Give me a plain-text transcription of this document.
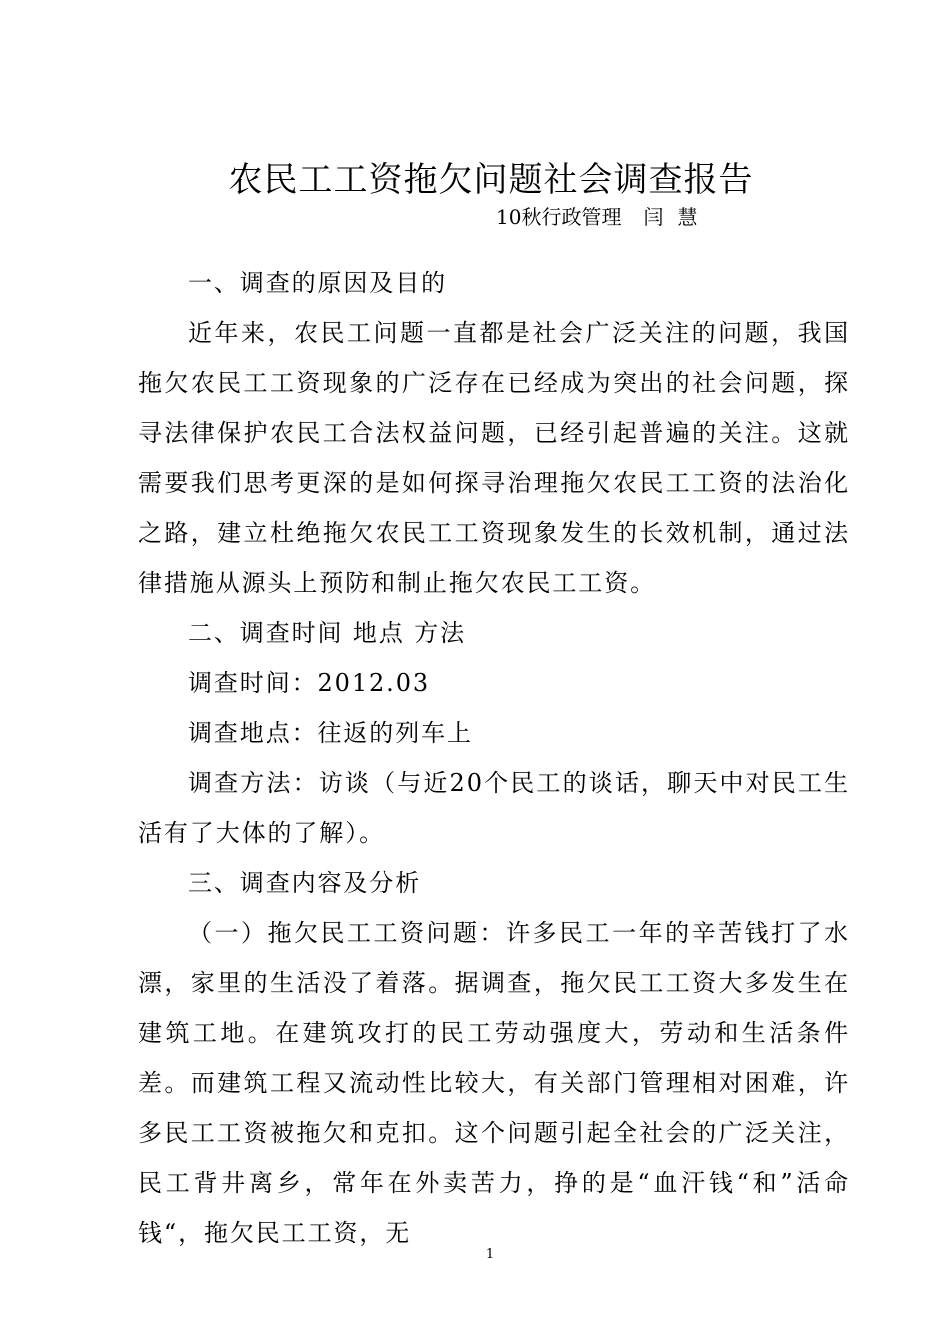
农民工工资拖欠问题社会调查报告
10秋行政管理 闫慧

一、调查的原因及目的

近年来，农民工问题一直都是社会广泛关注的问题，我国拖欠农民工工资现象的广泛存在已经成为突出的社会问题，探寻法律保护农民工合法权益问题，已经引起普遍的关注。这就需要我们思考更深的是如何探寻治理拖欠农民工工资的法治化之路，建立杜绝拖欠农民工工资现象发生的长效机制，通过法律措施从源头上预防和制止拖欠农民工工资。

二、调查时间 地点 方法

调查时间：2012.03

调查地点：往返的列车上

调查方法：访谈（与近20个民工的谈话，聊天中对民工生活有了大体的了解）。

三、调查内容及分析

（一）拖欠民工工资问题：许多民工一年的辛苦钱打了水漂，家里的生活没了着落。据调查，拖欠民工工资大多发生在建筑工地。在建筑攻打的民工劳动强度大，劳动和生活条件差。而建筑工程又流动性比较大，有关部门管理相对困难，许多民工工资被拖欠和克扣。这个问题引起全社会的广泛关注，民工背井离乡，常年在外卖苦力，挣的是“血汗钱“和”活命钱“，拖欠民工工资，无

1
